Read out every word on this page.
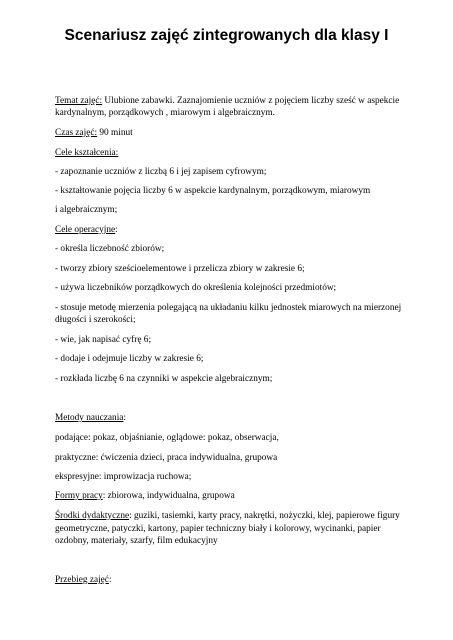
Scenariusz zajęć zintegrowanych dla klasy I
Temat zajęć: Ulubione zabawki. Zaznajomienie uczniów z pojęciem liczby sześć w aspekcie
kardynalnym, porządkowych , miarowym i algebraicznym.
Czas zajęć: 90 minut
Cele kształcenia:
- zapoznanie uczniów z liczbą 6 i jej zapisem cyfrowym;
- kształtowanie pojęcia liczby 6 w aspekcie kardynalnym, porządkowym, miarowym
i algebraicznym;
Cele operacyjne:
- określa liczebność zbiorów;
- tworzy zbiory sześcioelementowe i przelicza zbiory w zakresie 6;
- używa liczebników porządkowych do określenia kolejności przedmiotów;
- stosuje metodę mierzenia polegającą na układaniu kilku jednostek miarowych na mierzonej
długości i szerokości;
- wie, jak napisać cyfrę 6;
- dodaje i odejmuje liczby w zakresie 6;
- rozkłada liczbę 6 na czynniki w aspekcie algebraicznym;
Metody nauczania:
podające: pokaz, objaśnianie, oglądowe: pokaz, obserwacja,
praktyczne: ćwiczenia dzieci, praca indywidualna, grupowa
ekspresyjne: improwizacja ruchowa;
Formy pracy: zbiorowa, indywidualna, grupowa
Środki dydaktyczne: guziki, tasiemki, karty pracy, nakrętki, nożyczki, klej, papierowe figury
geometryczne, patyczki, kartony, papier techniczny biały i kolorowy, wycinanki, papier
ozdobny, materiały, szarfy, film edukacyjny
Przebieg zajęć:
